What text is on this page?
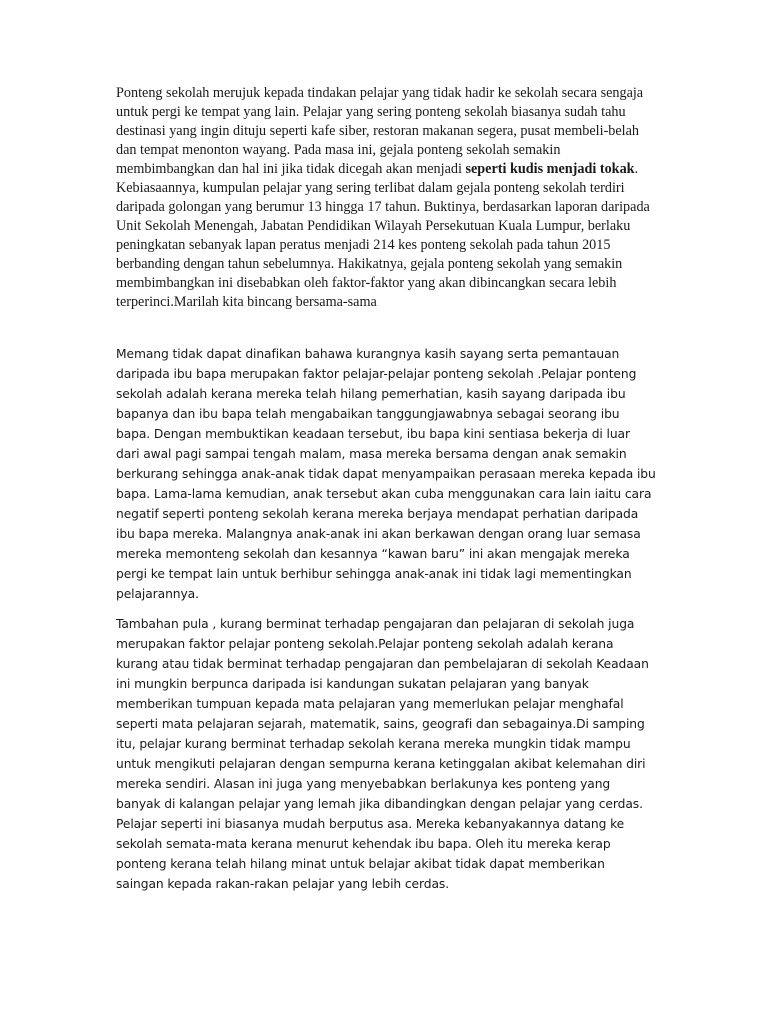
Ponteng sekolah merujuk kepada tindakan pelajar yang tidak hadir ke sekolah secara sengaja untuk pergi ke tempat yang lain. Pelajar yang sering ponteng sekolah biasanya sudah tahu destinasi yang ingin dituju seperti kafe siber, restoran makanan segera, pusat membeli-belah dan tempat menonton wayang. Pada masa ini, gejala ponteng sekolah semakin membimbangkan dan hal ini jika tidak dicegah akan menjadi seperti kudis menjadi tokak. Kebiasaannya, kumpulan pelajar yang sering terlibat dalam gejala ponteng sekolah terdiri daripada golongan yang berumur 13 hingga 17 tahun. Buktinya, berdasarkan laporan daripada Unit Sekolah Menengah, Jabatan Pendidikan Wilayah Persekutuan Kuala Lumpur, berlaku peningkatan sebanyak lapan peratus menjadi 214 kes ponteng sekolah pada tahun 2015 berbanding dengan tahun sebelumnya. Hakikatnya, gejala ponteng sekolah yang semakin membimbangkan ini disebabkan oleh faktor-faktor yang akan dibincangkan secara lebih terperinci.Marilah kita bincang bersama-sama

Memang tidak dapat dinafikan bahawa kurangnya kasih sayang serta pemantauan daripada ibu bapa merupakan faktor pelajar-pelajar ponteng sekolah .Pelajar ponteng sekolah adalah kerana mereka telah hilang pemerhatian, kasih sayang daripada ibu bapanya dan ibu bapa telah mengabaikan tanggungjawabnya sebagai seorang ibu bapa. Dengan membuktikan keadaan tersebut, ibu bapa kini sentiasa bekerja di luar dari awal pagi sampai tengah malam, masa mereka bersama dengan anak semakin berkurang sehingga anak-anak tidak dapat menyampaikan perasaan mereka kepada ibu bapa. Lama-lama kemudian, anak tersebut akan cuba menggunakan cara lain iaitu cara negatif seperti ponteng sekolah kerana mereka berjaya mendapat perhatian daripada ibu bapa mereka. Malangnya anak-anak ini akan berkawan dengan orang luar semasa mereka memonteng sekolah dan kesannya “kawan baru” ini akan mengajak mereka pergi ke tempat lain untuk berhibur sehingga anak-anak ini tidak lagi mementingkan pelajarannya.

Tambahan pula , kurang berminat terhadap pengajaran dan pelajaran di sekolah juga merupakan faktor pelajar ponteng sekolah.Pelajar ponteng sekolah adalah kerana kurang atau tidak berminat terhadap pengajaran dan pembelajaran di sekolah Keadaan ini mungkin berpunca daripada isi kandungan sukatan pelajaran yang banyak memberikan tumpuan kepada mata pelajaran yang memerlukan pelajar menghafal seperti mata pelajaran sejarah, matematik, sains, geografi dan sebagainya.Di samping itu, pelajar kurang berminat terhadap sekolah kerana mereka mungkin tidak mampu untuk mengikuti pelajaran dengan sempurna kerana ketinggalan akibat kelemahan diri mereka sendiri. Alasan ini juga yang menyebabkan berlakunya kes ponteng yang banyak di kalangan pelajar yang lemah jika dibandingkan dengan pelajar yang cerdas. Pelajar seperti ini biasanya mudah berputus asa. Mereka kebanyakannya datang ke sekolah semata-mata kerana menurut kehendak ibu bapa. Oleh itu mereka kerap ponteng kerana telah hilang minat untuk belajar akibat tidak dapat memberikan saingan kepada rakan-rakan pelajar yang lebih cerdas.
